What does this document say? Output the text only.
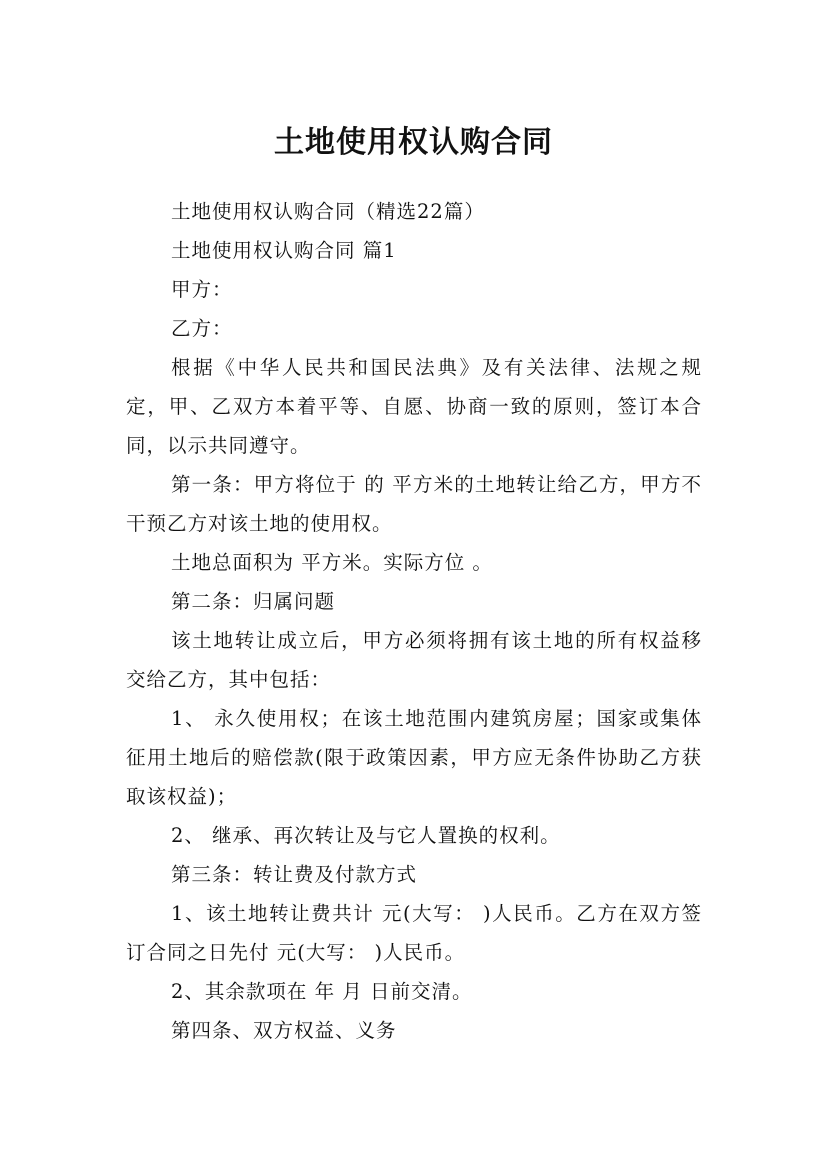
土地使用权认购合同

土地使用权认购合同（精选22篇）

土地使用权认购合同 篇1

甲方：

乙方：

根据《中华人民共和国民法典》及有关法律、法规之规定，甲、乙双方本着平等、自愿、协商一致的原则，签订本合同，以示共同遵守。

第一条：甲方将位于 的 平方米的土地转让给乙方，甲方不干预乙方对该土地的使用权。

土地总面积为 平方米。实际方位 。

第二条：归属问题

该土地转让成立后，甲方必须将拥有该土地的所有权益移交给乙方，其中包括：

1、 永久使用权；在该土地范围内建筑房屋；国家或集体征用土地后的赔偿款(限于政策因素，甲方应无条件协助乙方获取该权益)；

2、 继承、再次转让及与它人置换的权利。

第三条：转让费及付款方式

1、该土地转让费共计 元(大写： )人民币。乙方在双方签订合同之日先付 元(大写： )人民币。

2、其余款项在 年 月 日前交清。

第四条、双方权益、义务
